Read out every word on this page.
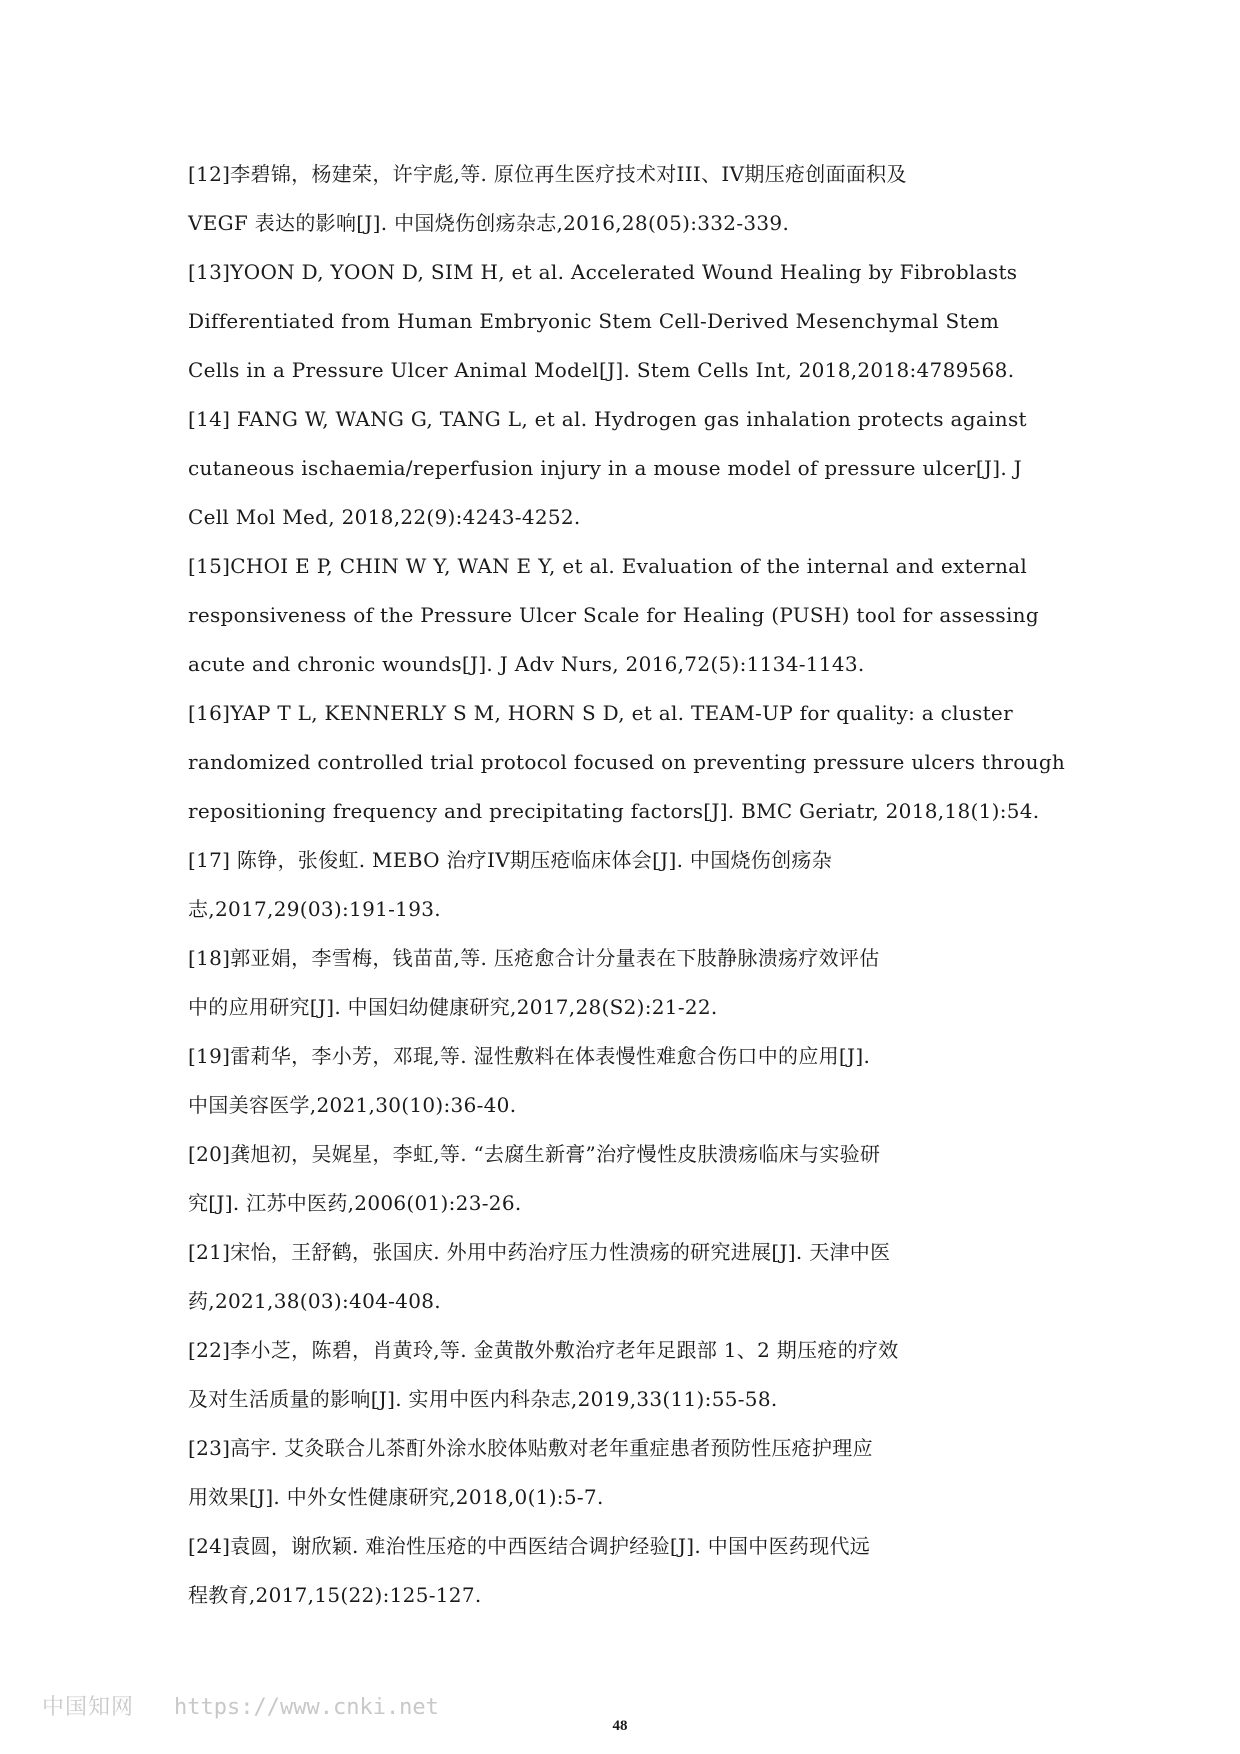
[12]李碧锦，杨建荣，许宇彪,等. 原位再生医疗技术对III、IV期压疮创面面积及
VEGF 表达的影响[J]. 中国烧伤创疡杂志,2016,28(05):332-339.
[13]YOON D, YOON D, SIM H, et al. Accelerated Wound Healing by Fibroblasts
Differentiated from Human Embryonic Stem Cell-Derived Mesenchymal Stem
Cells in a Pressure Ulcer Animal Model[J]. Stem Cells Int, 2018,2018:4789568.
[14] FANG W, WANG G, TANG L, et al. Hydrogen gas inhalation protects against
cutaneous ischaemia/reperfusion injury in a mouse model of pressure ulcer[J]. J
Cell Mol Med, 2018,22(9):4243-4252.
[15]CHOI E P, CHIN W Y, WAN E Y, et al. Evaluation of the internal and external
responsiveness of the Pressure Ulcer Scale for Healing (PUSH) tool for assessing
acute and chronic wounds[J]. J Adv Nurs, 2016,72(5):1134-1143.
[16]YAP T L, KENNERLY S M, HORN S D, et al. TEAM-UP for quality: a cluster
randomized controlled trial protocol focused on preventing pressure ulcers through
repositioning frequency and precipitating factors[J]. BMC Geriatr, 2018,18(1):54.
[17] 陈铮，张俊虹. MEBO 治疗IV期压疮临床体会[J]. 中国烧伤创疡杂
志,2017,29(03):191-193.
[18]郭亚娟，李雪梅，钱苗苗,等. 压疮愈合计分量表在下肢静脉溃疡疗效评估
中的应用研究[J]. 中国妇幼健康研究,2017,28(S2):21-22.
[19]雷莉华，李小芳，邓琨,等. 湿性敷料在体表慢性难愈合伤口中的应用[J].
中国美容医学,2021,30(10):36-40.
[20]龚旭初，吴娓星，李虹,等. “去腐生新膏”治疗慢性皮肤溃疡临床与实验研
究[J]. 江苏中医药,2006(01):23-26.
[21]宋怡，王舒鹤，张国庆. 外用中药治疗压力性溃疡的研究进展[J]. 天津中医
药,2021,38(03):404-408.
[22]李小芝，陈碧，肖黄玲,等. 金黄散外敷治疗老年足跟部 1、2 期压疮的疗效
及对生活质量的影响[J]. 实用中医内科杂志,2019,33(11):55-58.
[23]高宇. 艾灸联合儿茶酊外涂水胶体贴敷对老年重症患者预防性压疮护理应
用效果[J]. 中外女性健康研究,2018,0(1):5-7.
[24]袁圆，谢欣颖. 难治性压疮的中西医结合调护经验[J]. 中国中医药现代远
程教育,2017,15(22):125-127.
中国知网 https://www.cnki.net
48
